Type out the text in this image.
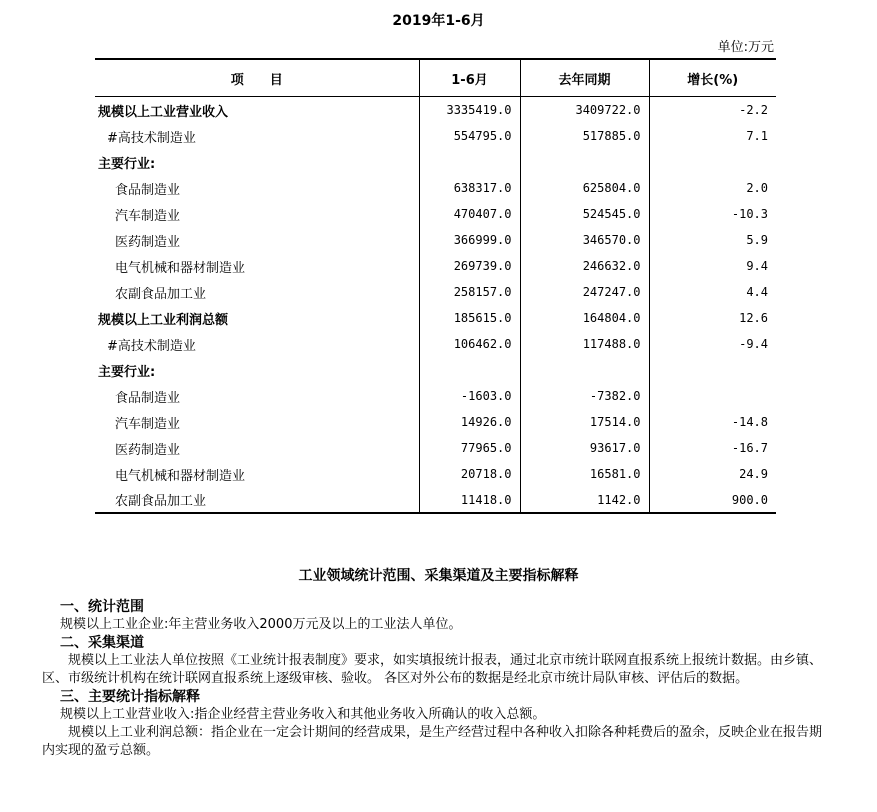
2019年1-6月
单位:万元
项　　目	1-6月	去年同期	增长(%)
规模以上工业营业收入	3335419.0	3409722.0	-2.2
#高技术制造业	554795.0	517885.0	7.1
主要行业:			
食品制造业	638317.0	625804.0	2.0
汽车制造业	470407.0	524545.0	-10.3
医药制造业	366999.0	346570.0	5.9
电气机械和器材制造业	269739.0	246632.0	9.4
农副食品加工业	258157.0	247247.0	4.4
规模以上工业利润总额	185615.0	164804.0	12.6
#高技术制造业	106462.0	117488.0	-9.4
主要行业:			
食品制造业	-1603.0	-7382.0	
汽车制造业	14926.0	17514.0	-14.8
医药制造业	77965.0	93617.0	-16.7
电气机械和器材制造业	20718.0	16581.0	24.9
农副食品加工业	11418.0	1142.0	900.0
工业领域统计范围、采集渠道及主要指标解释
一、统计范围
规模以上工业企业:年主营业务收入2000万元及以上的工业法人单位。
二、采集渠道
规模以上工业法人单位按照《工业统计报表制度》要求，如实填报统计报表，通过北京市统计联网直报系统上报统计数据。由乡镇、区、市级统计机构在统计联网直报系统上逐级审核、验收。 各区对外公布的数据是经北京市统计局队审核、评估后的数据。
三、主要统计指标解释
规模以上工业营业收入:指企业经营主营业务收入和其他业务收入所确认的收入总额。
规模以上工业利润总额：指企业在一定会计期间的经营成果，是生产经营过程中各种收入扣除各种耗费后的盈余，反映企业在报告期内实现的盈亏总额。
